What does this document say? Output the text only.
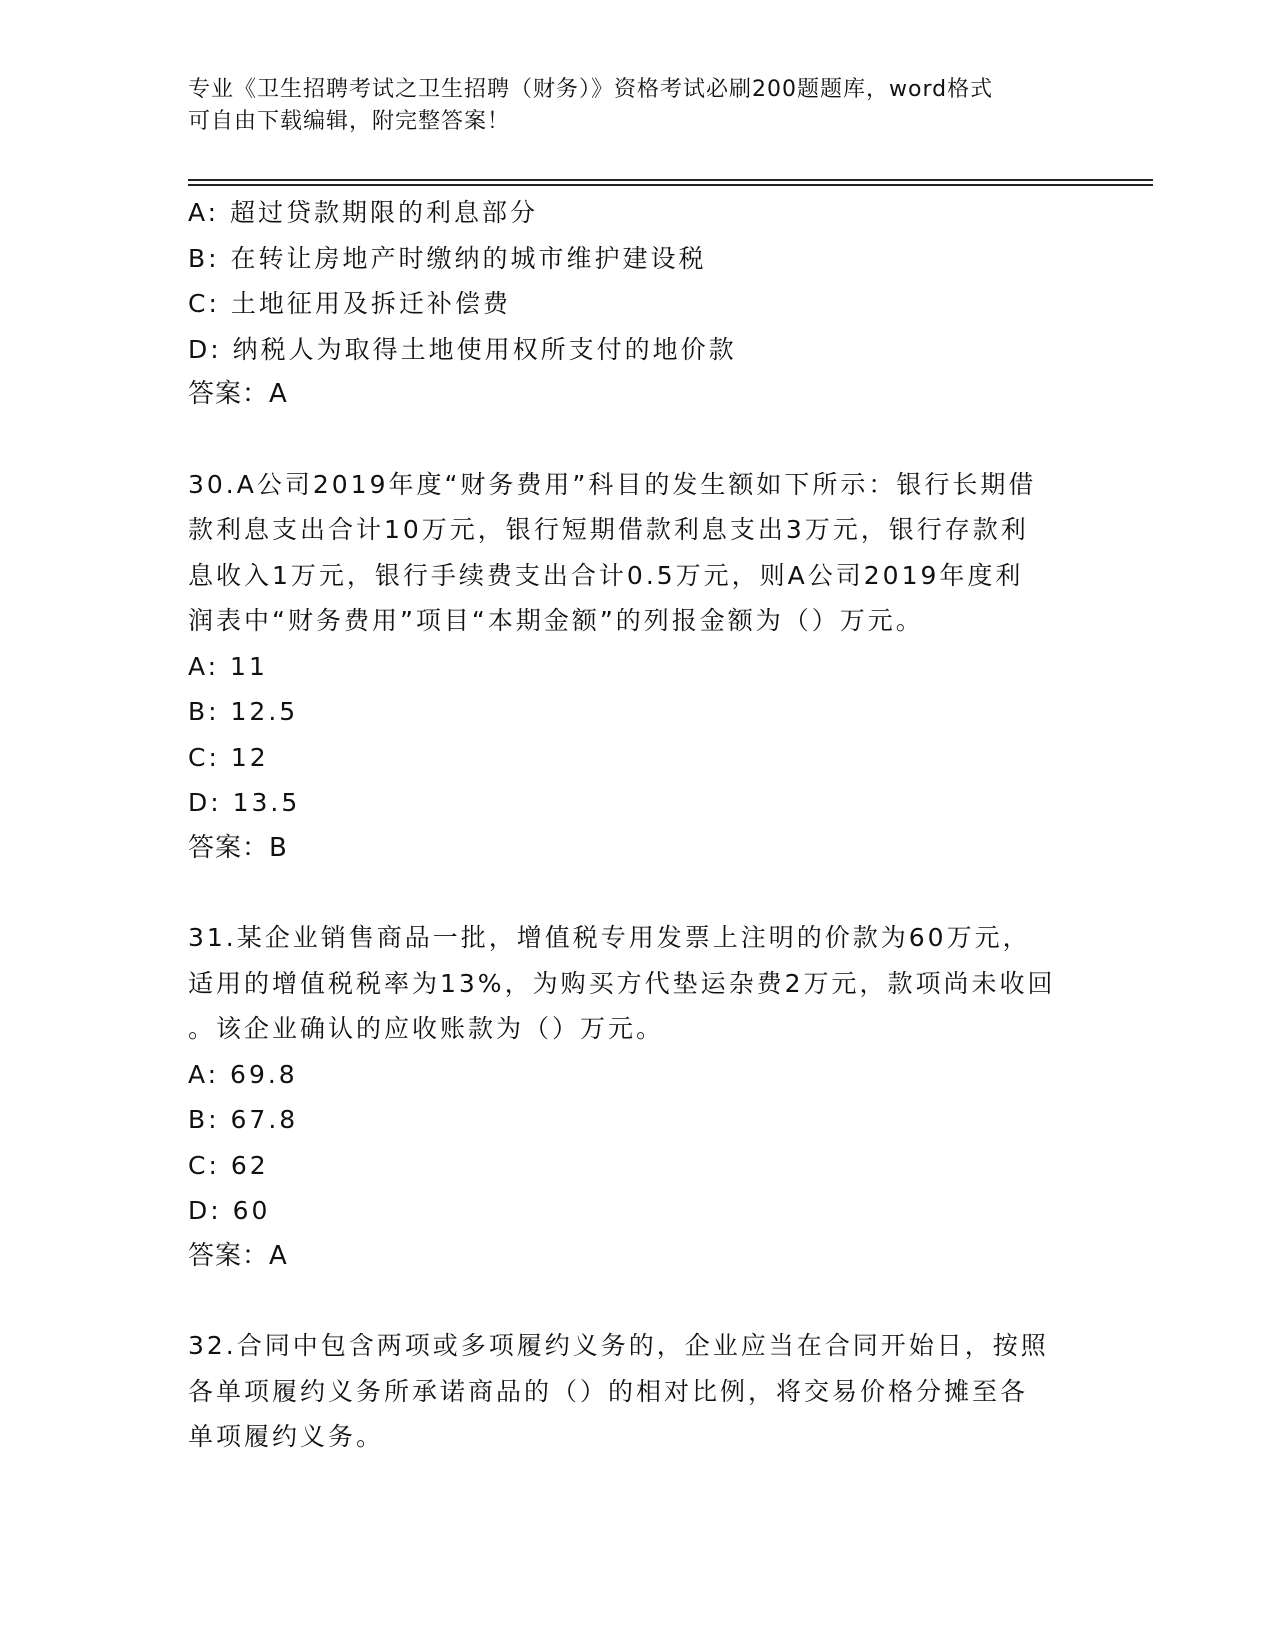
专业《卫生招聘考试之卫生招聘（财务）》资格考试必刷200题题库，word格式
可自由下载编辑，附完整答案！
A: 超过贷款期限的利息部分
B: 在转让房地产时缴纳的城市维护建设税
C: 土地征用及拆迁补偿费
D: 纳税人为取得土地使用权所支付的地价款
答案：A
30.A公司2019年度“财务费用”科目的发生额如下所示：银行长期借
款利息支出合计10万元，银行短期借款利息支出3万元，银行存款利
息收入1万元，银行手续费支出合计0.5万元，则A公司2019年度利
润表中“财务费用”项目“本期金额”的列报金额为（）万元。
A: 11
B: 12.5
C: 12
D: 13.5
答案：B
31.某企业销售商品一批，增值税专用发票上注明的价款为60万元，
适用的增值税税率为13%，为购买方代垫运杂费2万元，款项尚未收回
。该企业确认的应收账款为（）万元。
A: 69.8
B: 67.8
C: 62
D: 60
答案：A
32.合同中包含两项或多项履约义务的，企业应当在合同开始日，按照
各单项履约义务所承诺商品的（）的相对比例，将交易价格分摊至各
单项履约义务。
